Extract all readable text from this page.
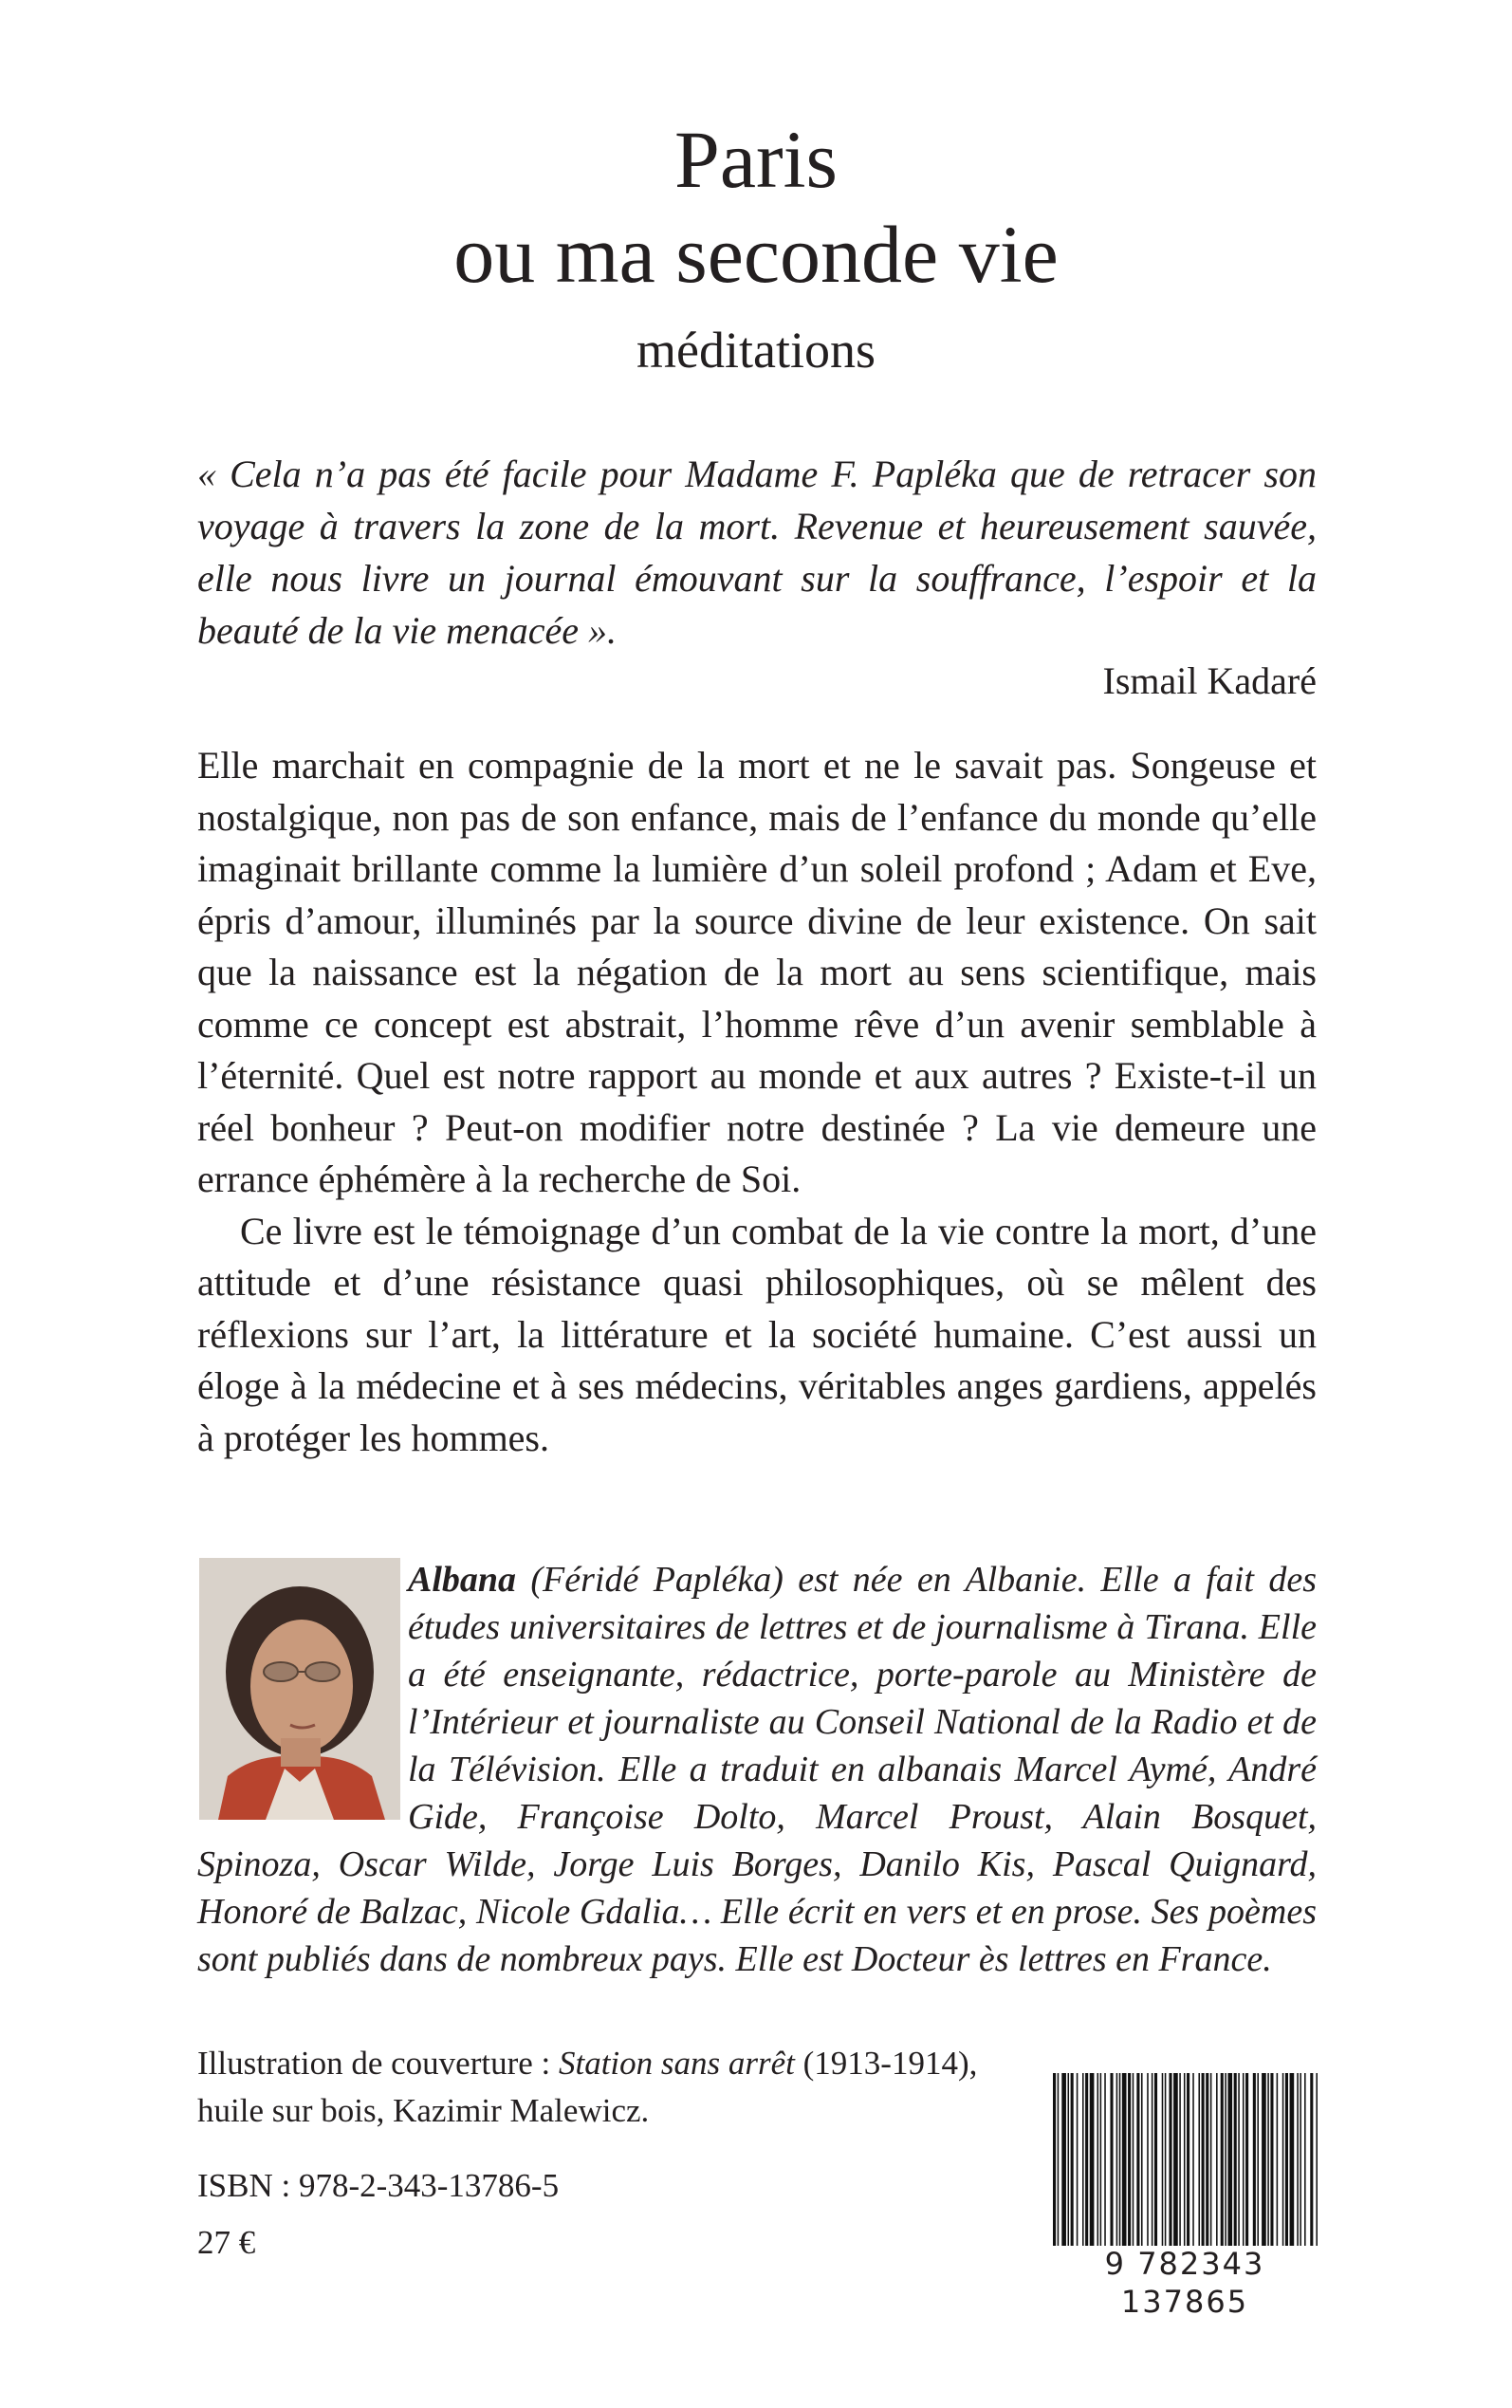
Paris
ou ma seconde vie
méditations
« Cela n’a pas été facile pour Madame F. Papléka que de retracer son voyage à travers la zone de la mort. Revenue et heureusement sauvée, elle nous livre un journal émouvant sur la souffrance, l’espoir et la beauté de la vie menacée ».
Ismail Kadaré

Elle marchait en compagnie de la mort et ne le savait pas. Songeuse et nostalgique, non pas de son enfance, mais de l’enfance du monde qu’elle imaginait brillante comme la lumière d’un soleil profond ; Adam et Eve, épris d’amour, illuminés par la source divine de leur existence. On sait que la naissance est la négation de la mort au sens scientifique, mais comme ce concept est abstrait, l’homme rêve d’un avenir semblable à l’éternité. Quel est notre rapport au monde et aux autres ? Existe-t-il un réel bonheur ? Peut-on modifier notre destinée ? La vie demeure une errance éphémère à la recherche de Soi.

Ce livre est le témoignage d’un combat de la vie contre la mort, d’une attitude et d’une résistance quasi philosophiques, où se mêlent des réflexions sur l’art, la littérature et la société humaine. C’est aussi un éloge à la médecine et à ses médecins, véritables anges gardiens, appelés à protéger les hommes.

Albana (Féridé Papléka) est née en Albanie. Elle a fait des études universitaires de lettres et de journalisme à Tirana. Elle a été enseignante, rédactrice, porte-parole au Ministère de l’Intérieur et journaliste au Conseil National de la Radio et de la Télévision. Elle a traduit en albanais Marcel Aymé, André Gide, Françoise Dolto, Marcel Proust, Alain Bosquet, Spinoza, Oscar Wilde, Jorge Luis Borges, Danilo Kis, Pascal Quignard, Honoré de Balzac, Nicole Gdalia… Elle écrit en vers et en prose. Ses poèmes sont publiés dans de nombreux pays. Elle est Docteur ès lettres en France.
Illustration de couverture : Station sans arrêt (1913-1914), huile sur bois, Kazimir Malewicz.
ISBN : 978-2-343-13786-5
27 €
9 782343 137865
